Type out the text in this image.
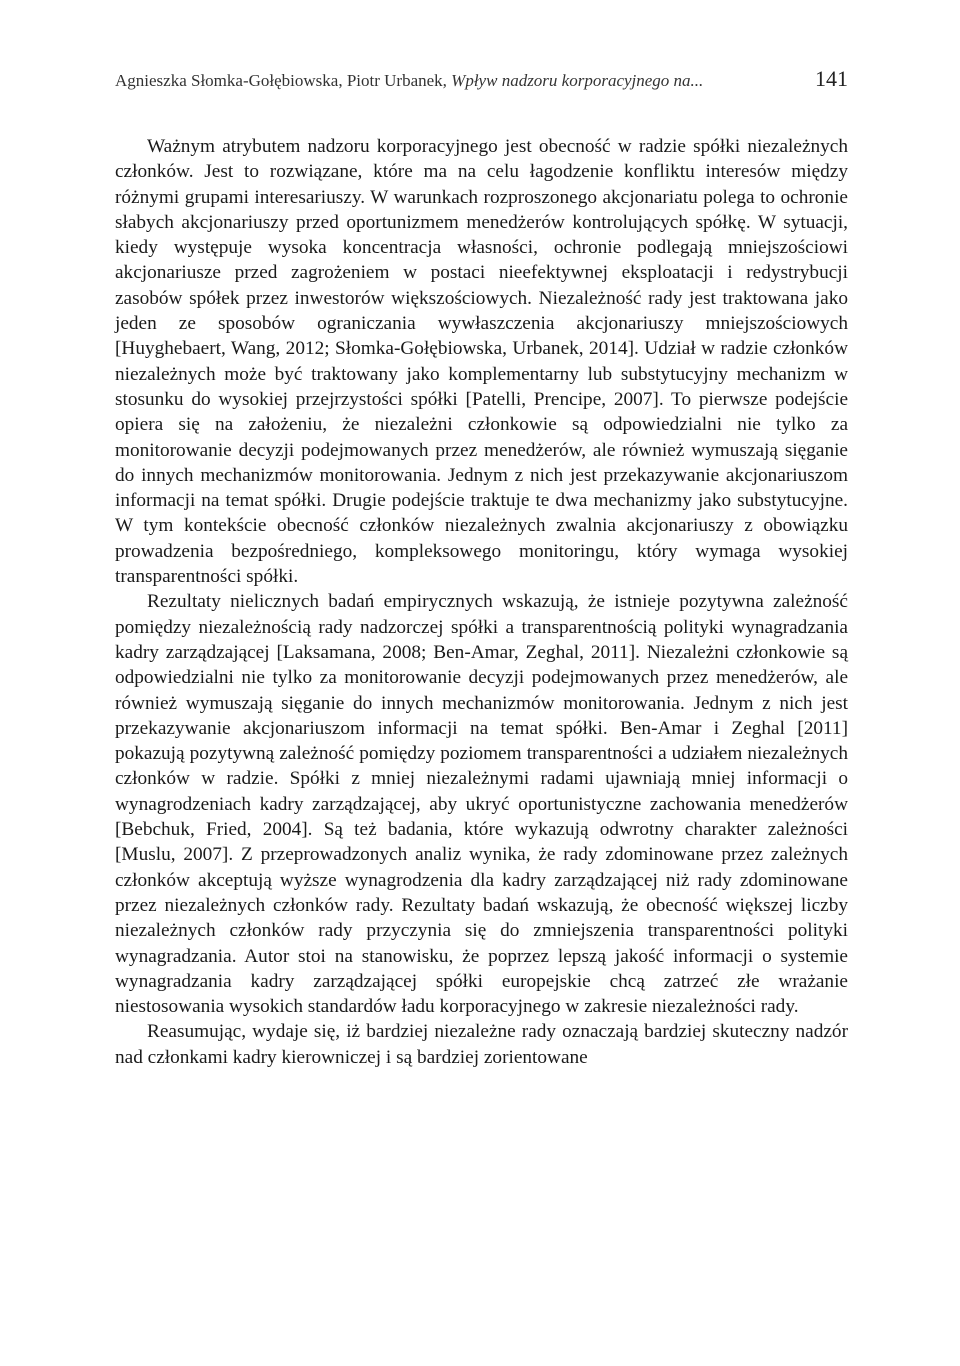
Agnieszka Słomka-Gołębiowska, Piotr Urbanek, Wpływ nadzoru korporacyjnego na...	141

Ważnym atrybutem nadzoru korporacyjnego jest obecność w radzie spółki niezależnych członków. Jest to rozwiązane, które ma na celu łagodzenie konfliktu interesów między różnymi grupami interesariuszy. W warunkach rozproszonego akcjonariatu polega to ochronie słabych akcjonariuszy przed oportunizmem menedżerów kontrolujących spółkę. W sytuacji, kiedy występuje wysoka koncentracja własności, ochronie podlegają mniejszościowi akcjonariusze przed zagrożeniem w postaci nieefektywnej eksploatacji i redystrybucji zasobów spółek przez inwestorów większościowych. Niezależność rady jest traktowana jako jeden ze sposobów ograniczania wywłaszczenia akcjonariuszy mniejszościowych [Huyghebaert, Wang, 2012; Słomka-Gołębiowska, Urbanek, 2014]. Udział w radzie członków niezależnych może być traktowany jako komplementarny lub substytucyjny mechanizm w stosunku do wysokiej przejrzystości spółki [Patelli, Prencipe, 2007]. To pierwsze podejście opiera się na założeniu, że niezależni członkowie są odpowiedzialni nie tylko za monitorowanie decyzji podejmowanych przez menedżerów, ale również wymuszają sięganie do innych mechanizmów monitorowania. Jednym z nich jest przekazywanie akcjonariuszom informacji na temat spółki. Drugie podejście traktuje te dwa mechanizmy jako substytucyjne. W tym kontekście obecność członków niezależnych zwalnia akcjonariuszy z obowiązku prowadzenia bezpośredniego, kompleksowego monitoringu, który wymaga wysokiej transparentności spółki.

Rezultaty nielicznych badań empirycznych wskazują, że istnieje pozytywna zależność pomiędzy niezależnością rady nadzorczej spółki a transparentnością polityki wynagradzania kadry zarządzającej [Laksamana, 2008; Ben-Amar, Zeghal, 2011]. Niezależni członkowie są odpowiedzialni nie tylko za monitorowanie decyzji podejmowanych przez menedżerów, ale również wymuszają sięganie do innych mechanizmów monitorowania. Jednym z nich jest przekazywanie akcjonariuszom informacji na temat spółki. Ben-Amar i Zeghal [2011] pokazują pozytywną zależność pomiędzy poziomem transparentności a udziałem niezależnych członków w radzie. Spółki z mniej niezależnymi radami ujawniają mniej informacji o wynagrodzeniach kadry zarządzającej, aby ukryć oportunistyczne zachowania menedżerów [Bebchuk, Fried, 2004]. Są też badania, które wykazują odwrotny charakter zależności [Muslu, 2007]. Z przeprowadzonych analiz wynika, że rady zdominowane przez zależnych członków akceptują wyższe wynagrodzenia dla kadry zarządzającej niż rady zdominowane przez niezależnych członków rady. Rezultaty badań wskazują, że obecność większej liczby niezależnych członków rady przyczynia się do zmniejszenia transparentności polityki wynagradzania. Autor stoi na stanowisku, że poprzez lepszą jakość informacji o systemie wynagradzania kadry zarządzającej spółki europejskie chcą zatrzeć złe wrażanie niestosowania wysokich standardów ładu korporacyjnego w zakresie niezależności rady.

Reasumując, wydaje się, iż bardziej niezależne rady oznaczają bardziej skuteczny nadzór nad członkami kadry kierowniczej i są bardziej zorientowane
